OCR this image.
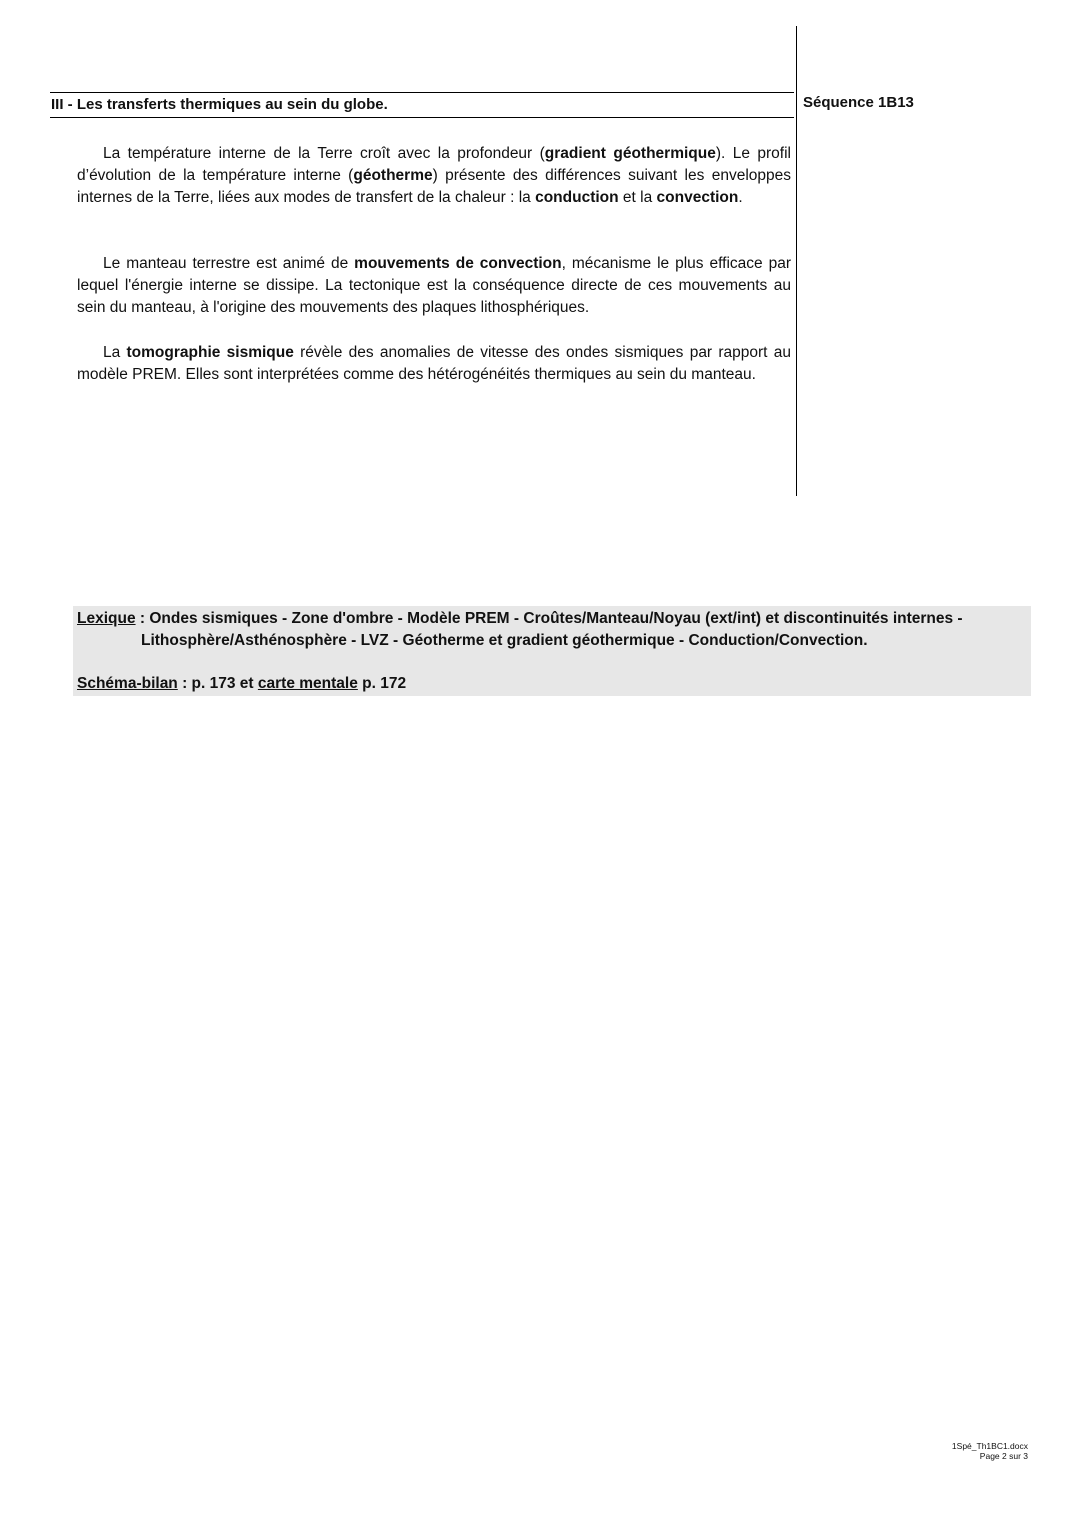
III - Les transferts thermiques au sein du globe.	Séquence 1B13

La température interne de la Terre croît avec la profondeur (gradient géothermique). Le profil d’évolution de la température interne (géotherme) présente des différences suivant les enveloppes internes de la Terre, liées aux modes de transfert de la chaleur : la conduction et la convection.

Le manteau terrestre est animé de mouvements de convection, mécanisme le plus efficace par lequel l'énergie interne se dissipe. La tectonique est la conséquence directe de ces mouvements au sein du manteau, à l'origine des mouvements des plaques lithosphériques.

La tomographie sismique révèle des anomalies de vitesse des ondes sismiques par rapport au modèle PREM. Elles sont interprétées comme des hétérogénéités thermiques au sein du manteau.

Lexique : Ondes sismiques - Zone d'ombre - Modèle PREM - Croûtes/Manteau/Noyau (ext/int) et discontinuités internes -
Lithosphère/Asthénosphère - LVZ - Géotherme et gradient géothermique - Conduction/Convection.

Schéma-bilan : p. 173 et carte mentale p. 172
1Spé_Th1BC1.docx
Page 2 sur 3
